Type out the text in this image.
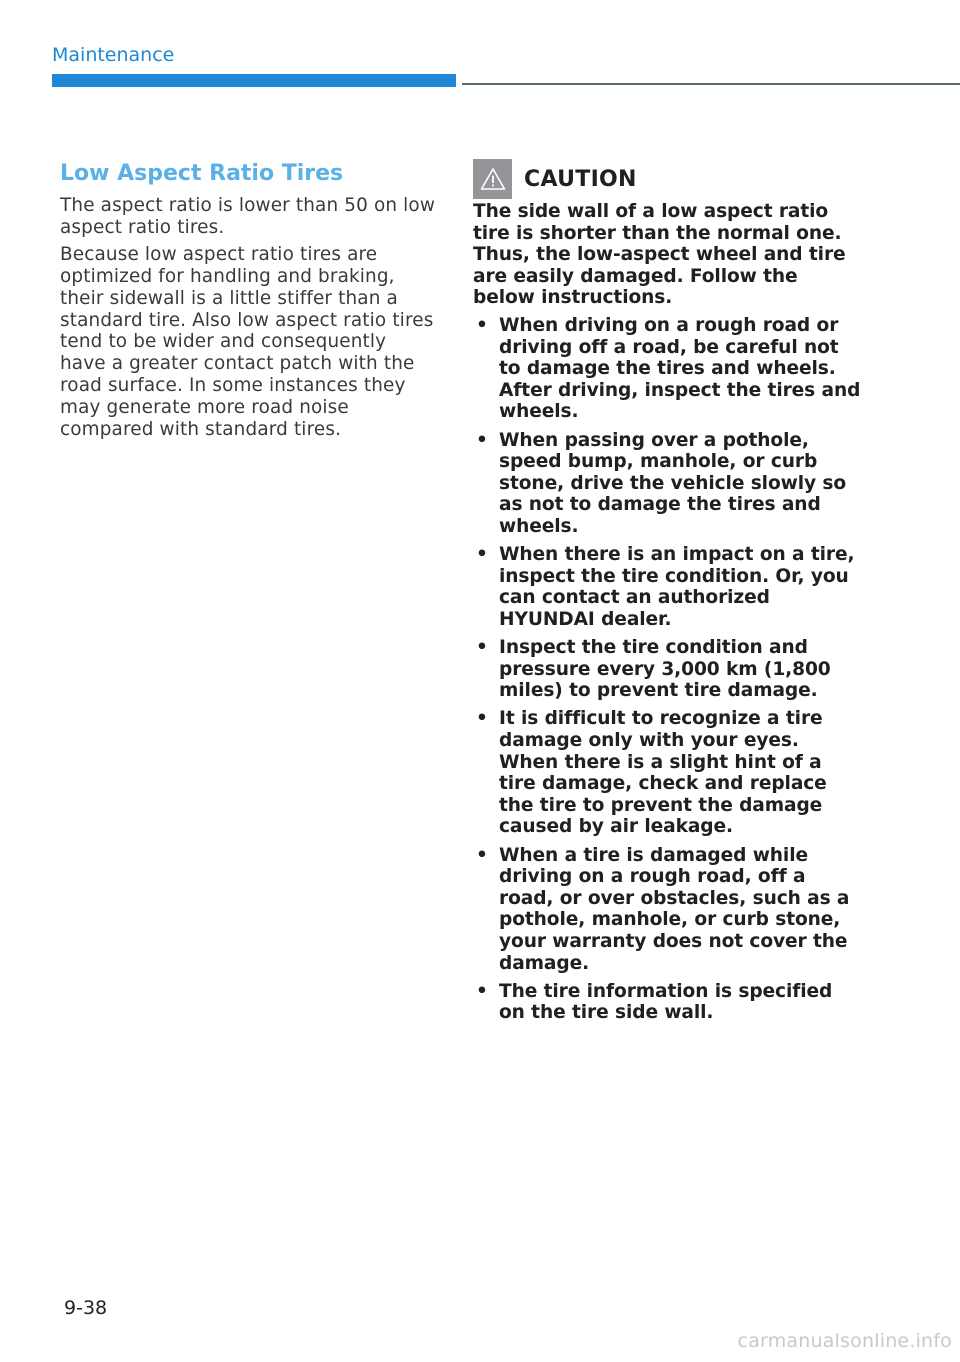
Maintenance
Low Aspect Ratio Tires

The aspect ratio is lower than 50 on low aspect ratio tires.

Because low aspect ratio tires are optimized for handling and braking, their sidewall is a little stiffer than a standard tire. Also low aspect ratio tires tend to be wider and consequently have a greater contact patch with the road surface. In some instances they may generate more road noise compared with standard tires.

CAUTION

The side wall of a low aspect ratio tire is shorter than the normal one. Thus, the low-aspect wheel and tire are easily damaged. Follow the below instructions.

• When driving on a rough road or driving off a road, be careful not to damage the tires and wheels. After driving, inspect the tires and wheels.
• When passing over a pothole, speed bump, manhole, or curb stone, drive the vehicle slowly so as not to damage the tires and wheels.
• When there is an impact on a tire, inspect the tire condition. Or, you can contact an authorized HYUNDAI dealer.
• Inspect the tire condition and pressure every 3,000 km (1,800 miles) to prevent tire damage.
• It is difficult to recognize a tire damage only with your eyes. When there is a slight hint of a tire damage, check and replace the tire to prevent the damage caused by air leakage.
• When a tire is damaged while driving on a rough road, off a road, or over obstacles, such as a pothole, manhole, or curb stone, your warranty does not cover the damage.
• The tire information is specified on the tire side wall.
9-38
carmanualsonline.info
